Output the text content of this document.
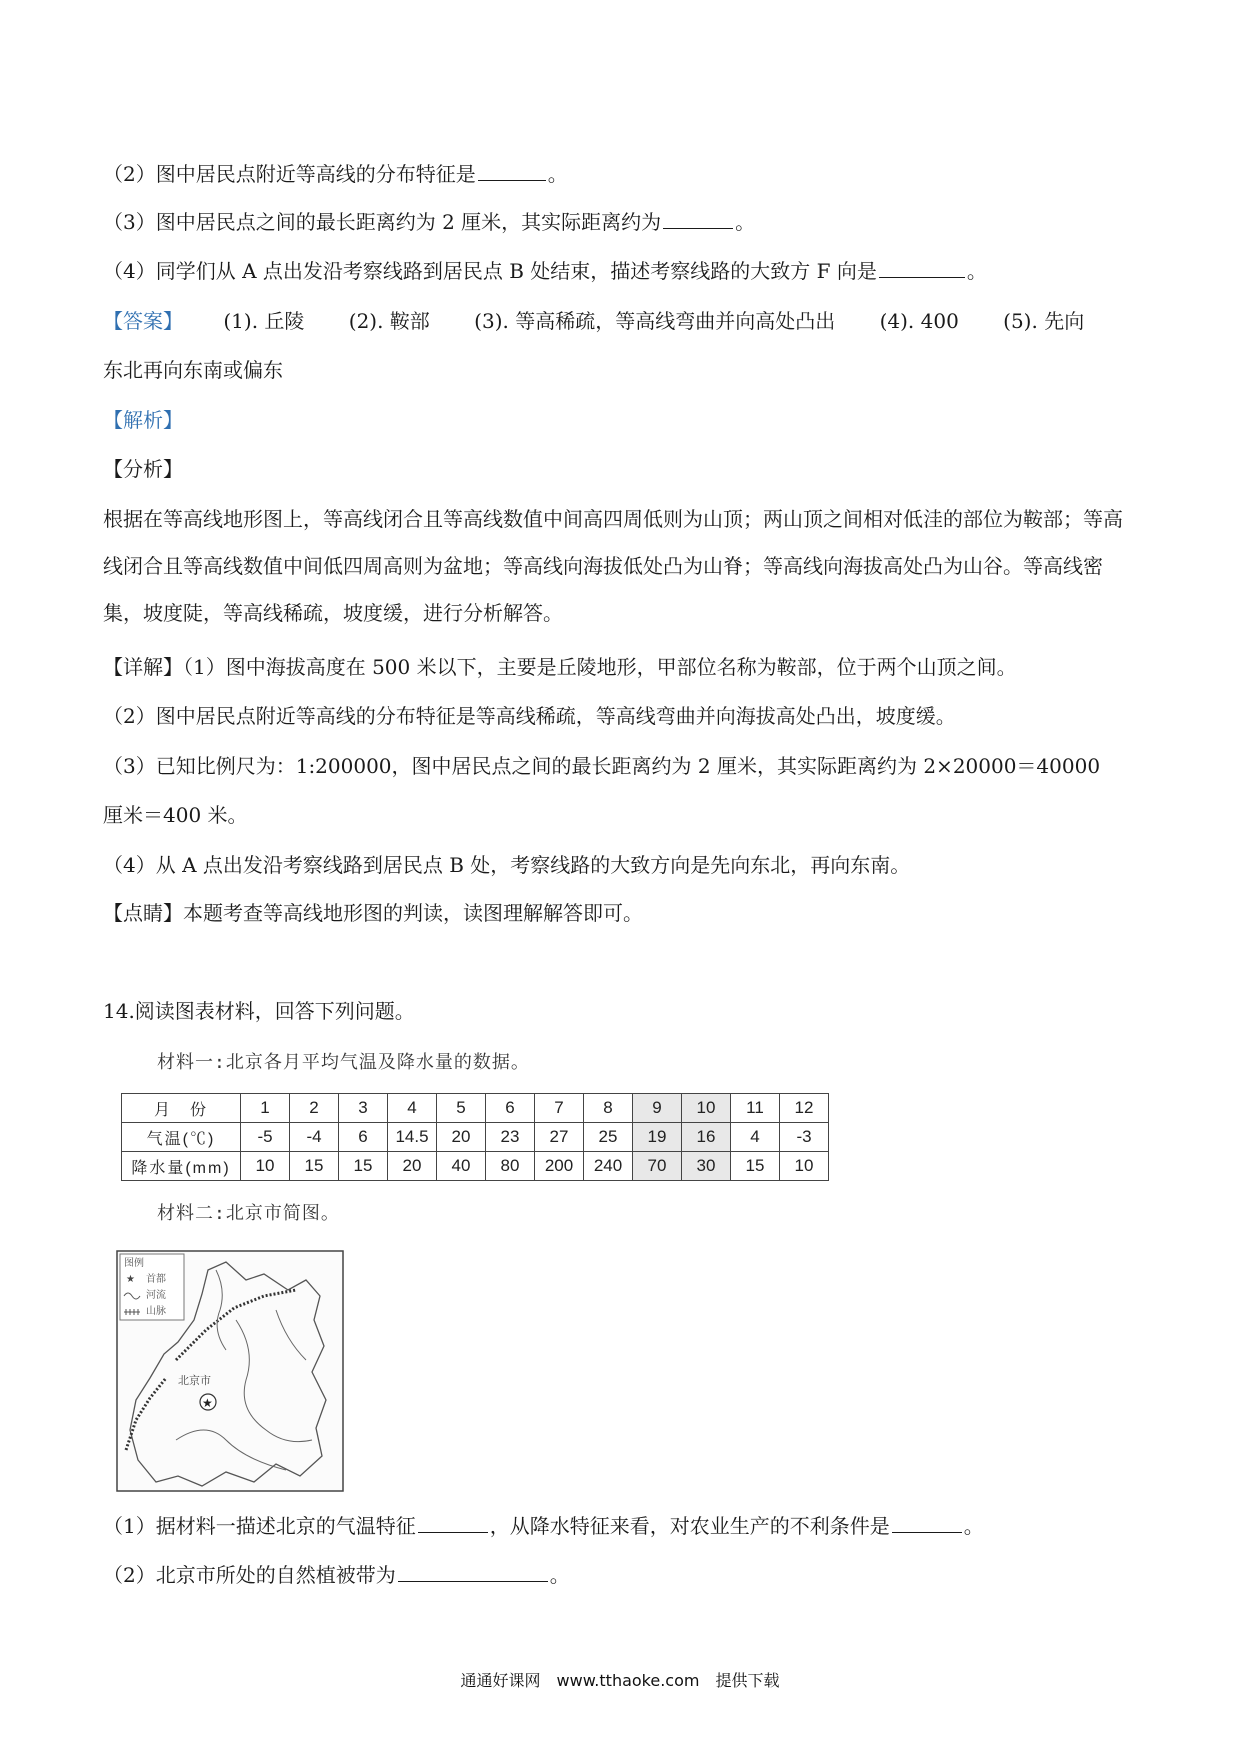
（2）图中居民点附近等高线的分布特征是	。
（3）图中居民点之间的最长距离约为 2 厘米，其实际距离约为	。
（4）同学们从 A 点出发沿考察线路到居民点 B 处结束，描述考察线路的大致方 F 向是	。
【答案】 (1). 丘陵 (2). 鞍部 (3). 等高稀疏，等高线弯曲并向高处凸出 (4). 400 (5). 先向
东北再向东南或偏东
【解析】
【分析】
根据在等高线地形图上，等高线闭合且等高线数值中间高四周低则为山顶；两山顶之间相对低洼的部位为鞍部；等高线闭合且等高线数值中间低四周高则为盆地；等高线向海拔低处凸为山脊；等高线向海拔高处凸为山谷。等高线密集，坡度陡，等高线稀疏，坡度缓，进行分析解答。
【详解】（1）图中海拔高度在 500 米以下，主要是丘陵地形，甲部位名称为鞍部，位于两个山顶之间。
（2）图中居民点附近等高线的分布特征是等高线稀疏，等高线弯曲并向海拔高处凸出，坡度缓。
（3）已知比例尺为：1:200000，图中居民点之间的最长距离约为 2 厘米，其实际距离约为 2×20000＝40000
厘米＝400 米。
（4）从 A 点出发沿考察线路到居民点 B 处，考察线路的大致方向是先向东北，再向东南。
【点睛】本题考查等高线地形图的判读，读图理解解答即可。
14.阅读图表材料，回答下列问题。
材料一:北京各月平均气温及降水量的数据。
月　份	1	2	3	4	5	6	7	8	9	10	11	12
气温(℃)	-5	-4	6	14.5	20	23	27	25	19	16	4	-3
降水量(mm)	10	15	15	20	40	80	200	240	70	30	15	10
材料二:北京市简图。
图例
★ 首都
河流
山脉
★
北京市
（1）据材料一描述北京的气温特征	，从降水特征来看，对农业生产的不利条件是	。
（2）北京市所处的自然植被带为	。
通通好课网　www.tthaoke.com　提供下载
